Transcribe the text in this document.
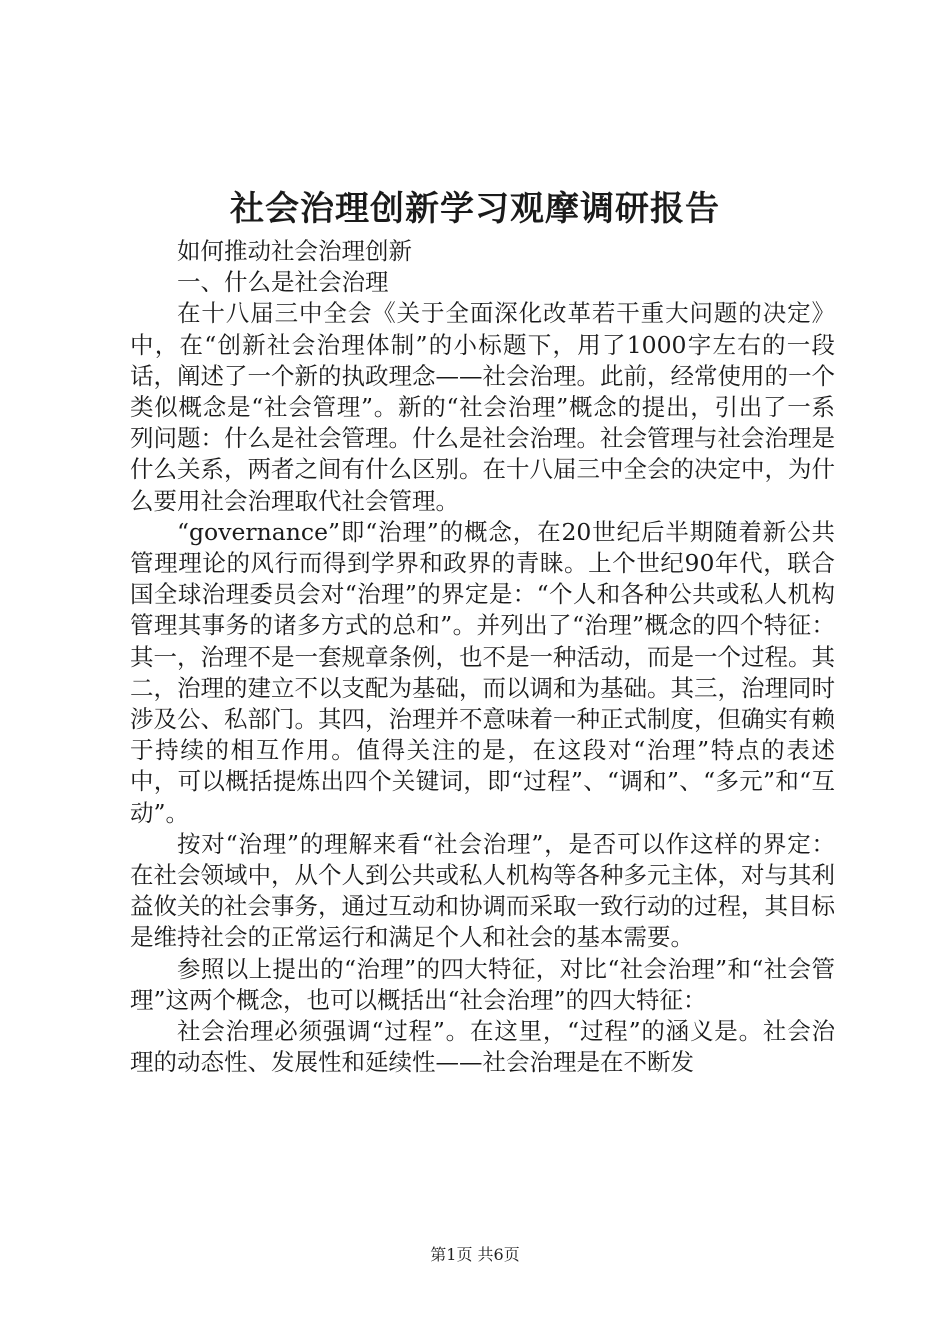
社会治理创新学习观摩调研报告

如何推动社会治理创新

一、什么是社会治理

在十八届三中全会《关于全面深化改革若干重大问题的决定》中，在“创新社会治理体制”的小标题下，用了1000字左右的一段话，阐述了一个新的执政理念——社会治理。此前，经常使用的一个类似概念是“社会管理”。新的“社会治理”概念的提出，引出了一系列问题：什么是社会管理。什么是社会治理。社会管理与社会治理是什么关系，两者之间有什么区别。在十八届三中全会的决定中，为什么要用社会治理取代社会管理。

“governance”即“治理”的概念，在20世纪后半期随着新公共管理理论的风行而得到学界和政界的青睐。上个世纪90年代，联合国全球治理委员会对“治理”的界定是：“个人和各种公共或私人机构管理其事务的诸多方式的总和”。并列出了“治理”概念的四个特征：其一，治理不是一套规章条例，也不是一种活动，而是一个过程。其二，治理的建立不以支配为基础，而以调和为基础。其三，治理同时涉及公、私部门。其四，治理并不意味着一种正式制度，但确实有赖于持续的相互作用。值得关注的是，在这段对“治理”特点的表述中，可以概括提炼出四个关键词，即“过程”、“调和”、“多元”和“互动”。

按对“治理”的理解来看“社会治理”，是否可以作这样的界定：在社会领域中，从个人到公共或私人机构等各种多元主体，对与其利益攸关的社会事务，通过互动和协调而采取一致行动的过程，其目标是维持社会的正常运行和满足个人和社会的基本需要。

参照以上提出的“治理”的四大特征，对比“社会治理”和“社会管理”这两个概念，也可以概括出“社会治理”的四大特征：

社会治理必须强调“过程”。在这里，“过程”的涵义是。社会治理的动态性、发展性和延续性——社会治理是在不断发

第1页 共6页
